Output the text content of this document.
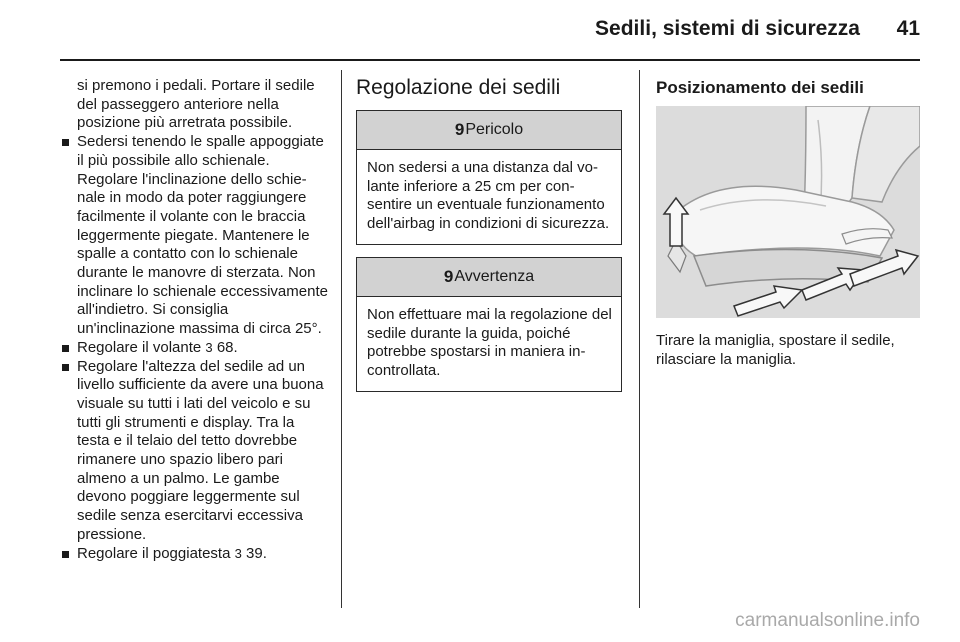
Sedili, sistemi di sicurezza	41

si premono i pedali. Portare il sedile del passeggero anteriore nella posizione più arretrata possibile.

Sedersi tenendo le spalle appoggiate il più possibile allo schienale. Regolare l'inclinazione dello schienale in modo da poter raggiungere facilmente il volante con le braccia leggermente piegate. Mantenere le spalle a contatto con lo schienale durante le manovre di sterzata. Non inclinare lo schienale eccessivamente all'indietro. Si consiglia un'inclinazione massima di circa 25°.

Regolare il volante 3 68.

Regolare l'altezza del sedile ad un livello sufficiente da avere una buona visuale su tutti i lati del veicolo e su tutti gli strumenti e display. Tra la testa e il telaio del tetto dovrebbe rimanere uno spazio libero pari almeno a un palmo. Le gambe devono poggiare leggermente sul sedile senza esercitarvi eccessiva pressione.

Regolare il poggiatesta 3 39.

Regolazione dei sedili
9 Pericolo
Non sedersi a una distanza dal volante inferiore a 25 cm per consentire un eventuale funzionamento dell'airbag in condizioni di sicurezza.
9 Avvertenza
Non effettuare mai la regolazione del sedile durante la guida, poiché potrebbe spostarsi in maniera incontrollata.
Posizionamento dei sedili

Tirare la maniglia, spostare il sedile, rilasciare la maniglia.

carmanualsonline.info
